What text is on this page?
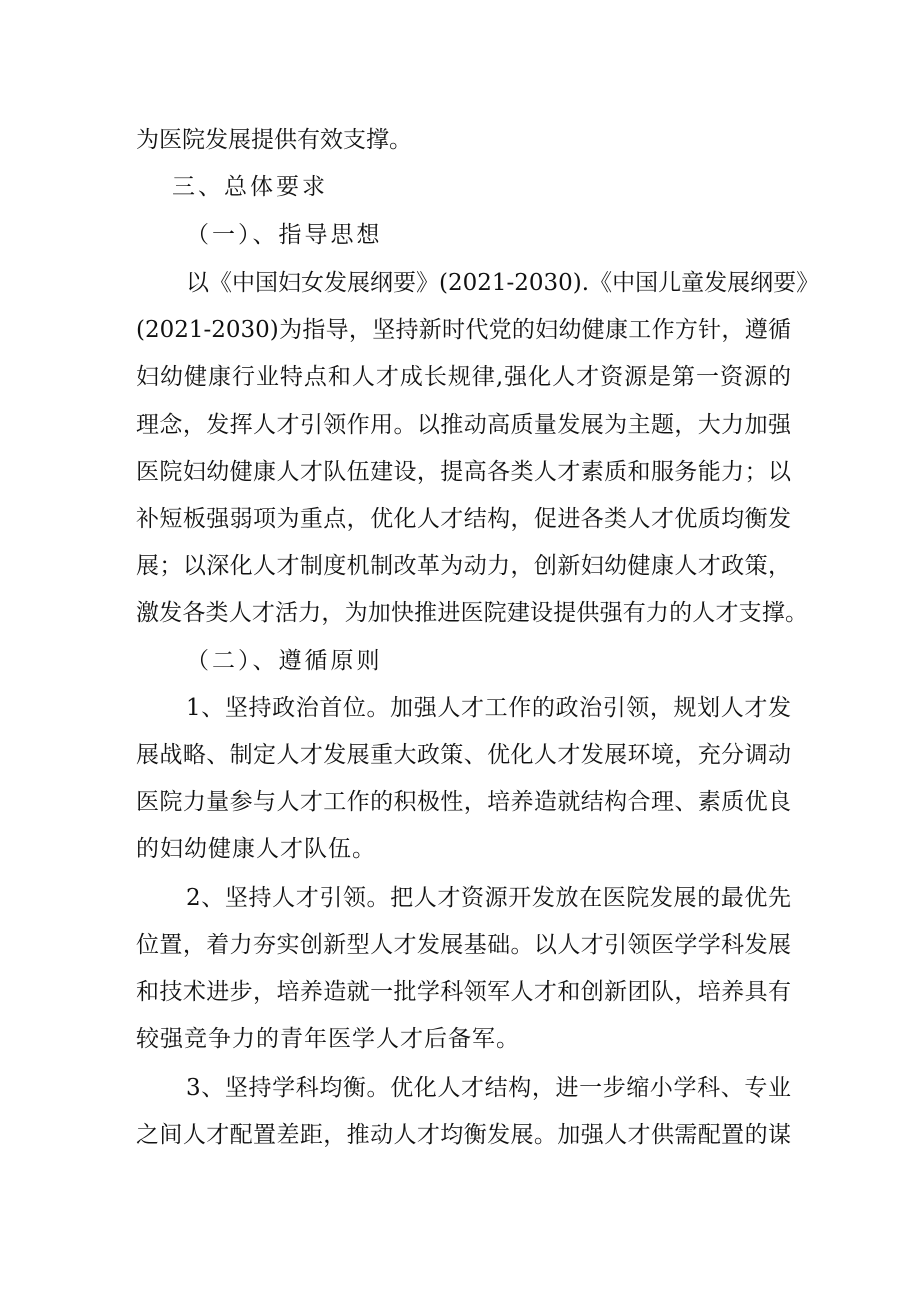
为医院发展提供有效支撑。
三、总体要求
（一）、指导思想
以《中国妇女发展纲要》(2021-2030).《中国儿童发展纲要》
(2021-2030)为指导，坚持新时代党的妇幼健康工作方针，遵循
妇幼健康行业特点和人才成长规律,强化人才资源是第一资源的
理念，发挥人才引领作用。以推动高质量发展为主题，大力加强
医院妇幼健康人才队伍建设，提高各类人才素质和服务能力；以
补短板强弱项为重点，优化人才结构，促进各类人才优质均衡发
展；以深化人才制度机制改革为动力，创新妇幼健康人才政策，
激发各类人才活力，为加快推进医院建设提供强有力的人才支撑。
（二）、遵循原则
1、坚持政治首位。加强人才工作的政治引领，规划人才发
展战略、制定人才发展重大政策、优化人才发展环境，充分调动
医院力量参与人才工作的积极性，培养造就结构合理、素质优良
的妇幼健康人才队伍。
2、坚持人才引领。把人才资源开发放在医院发展的最优先
位置，着力夯实创新型人才发展基础。以人才引领医学学科发展
和技术进步，培养造就一批学科领军人才和创新团队，培养具有
较强竞争力的青年医学人才后备军。
3、坚持学科均衡。优化人才结构，进一步缩小学科、专业
之间人才配置差距，推动人才均衡发展。加强人才供需配置的谋
